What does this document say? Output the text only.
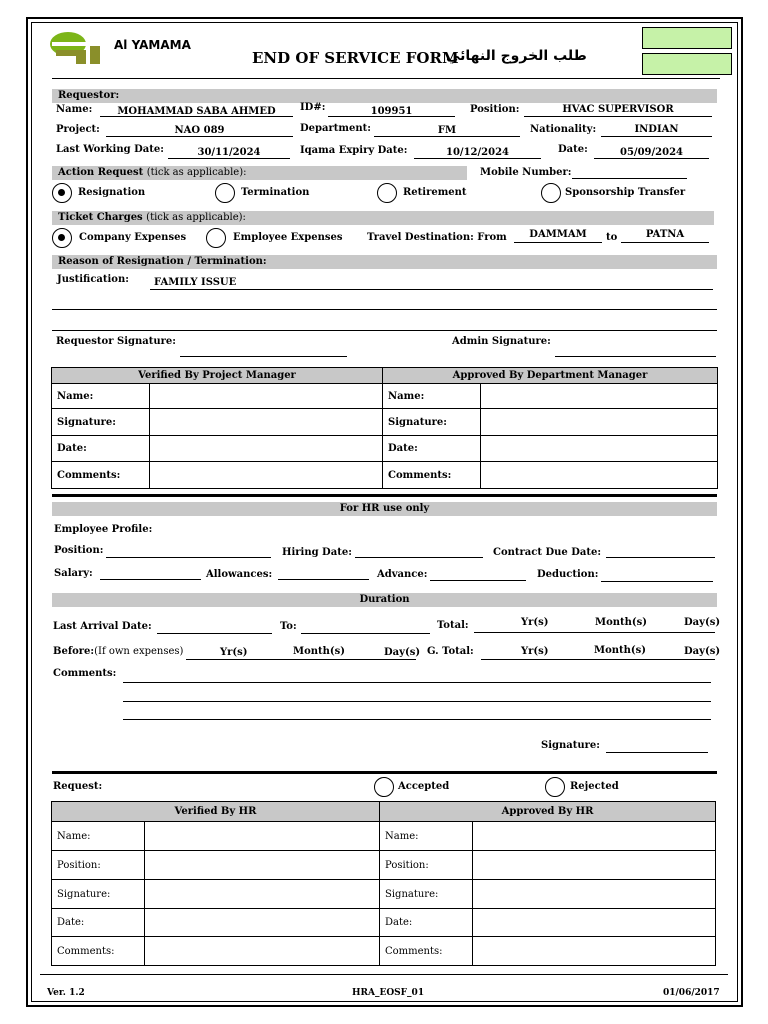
Al YAMAMA
END OF SERVICE FORM
طلب الخروج النهائي
Requestor:
Name:	MOHAMMAD SABA AHMED	ID#:	109951	Position:	HVAC SUPERVISOR
Project:	NAO 089	Department:	FM	Nationality:	INDIAN
Last Working Date:	30/11/2024	Iqama Expiry Date:	10/12/2024	Date:	05/09/2024
Action Request (tick as applicable):	Mobile Number:
Resignation	Termination	Retirement	Sponsorship Transfer
Ticket Charges (tick as applicable):
Company Expenses	Employee Expenses Travel Destination: From	DAMMAM	to	PATNA
Reason of Resignation / Termination:
Justification:	FAMILY ISSUE
Requestor Signature:	Admin Signature:
Verified By Project Manager		Approved By Department Manager	
Name:		Name:	
Signature:		Signature:	
Date:		Date:	
Comments:		Comments:	
For HR use only
Employee Profile:
Position:	Hiring Date:	Contract Due Date:
Salary:	Allowances:	Advance:	Deduction:
Duration
Last Arrival Date:	To:	Total:	Yr(s)	Month(s)	Day(s)
Before:(If own expenses)	Yr(s)	Month(s)	Day(s) G. Total:	Yr(s)	Month(s)	Day(s)
Comments:
Signature:
Request:	Accepted	Rejected
Verified By HR		Approved By HR	
Name:		Name:	
Position:		Position:	
Signature:		Signature:	
Date:		Date:	
Comments:		Comments:	
Ver. 1.2	HRA_EOSF_01	01/06/2017
